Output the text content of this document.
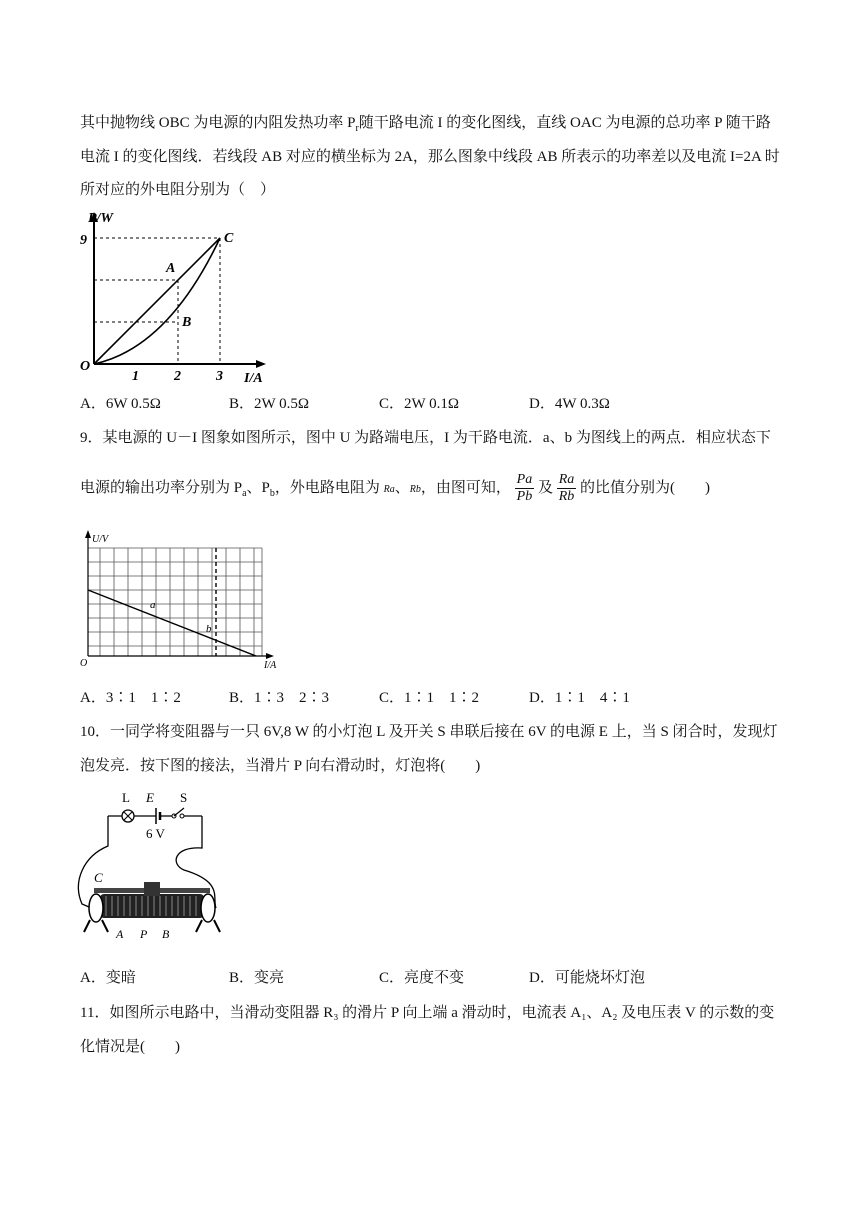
其中抛物线 OBC 为电源的内阻发热功率 $P_r$随干路电流 I 的变化图线，直线 OAC 为电源的总功率 P 随干路
电流 I 的变化图线．若线段 AB 对应的横坐标为 2A，那么图象中线段 AB 所表示的功率差以及电流 I=2A 时
所对应的外电阻分别为（　）
P/W
9
O
1	2	3 I/A
A
B
C
A．6W 0.5Ω	B．2W 0.5Ω	C．2W 0.1Ω	D．4W 0.3Ω
9．某电源的 U－I 图象如图所示，图中 U 为路端电压，I 为干路电流．a、b 为图线上的两点．相应状态下
电源的输出功率分别为 $P_a$、$P_b$，外电路电阻为 Ra、Rb，由图可知， $\frac{Pa}{Pb}$ 及 $\frac{Ra}{Rb}$ 的比值分别为(　　)
U/V
O	I/A
a
b
A．3∶1　1∶2	B．1∶3　2∶3	C．1∶1　1∶2	D．1∶1　4∶1
10．一同学将变阻器与一只 6V,8 W 的小灯泡 L 及开关 S 串联后接在 6V 的电源 E 上，当 S 闭合时，发现灯
泡发亮．按下图的接法，当滑片 P 向右滑动时，灯泡将(　　)
L E S
6 V
C
A P B
A．变暗	B．变亮	C．亮度不变	D．可能烧坏灯泡
11．如图所示电路中，当滑动变阻器 R₃ 的滑片 P 向上端 a 滑动时，电流表 A₁、A₂ 及电压表 V 的示数的变
化情况是(　　)
